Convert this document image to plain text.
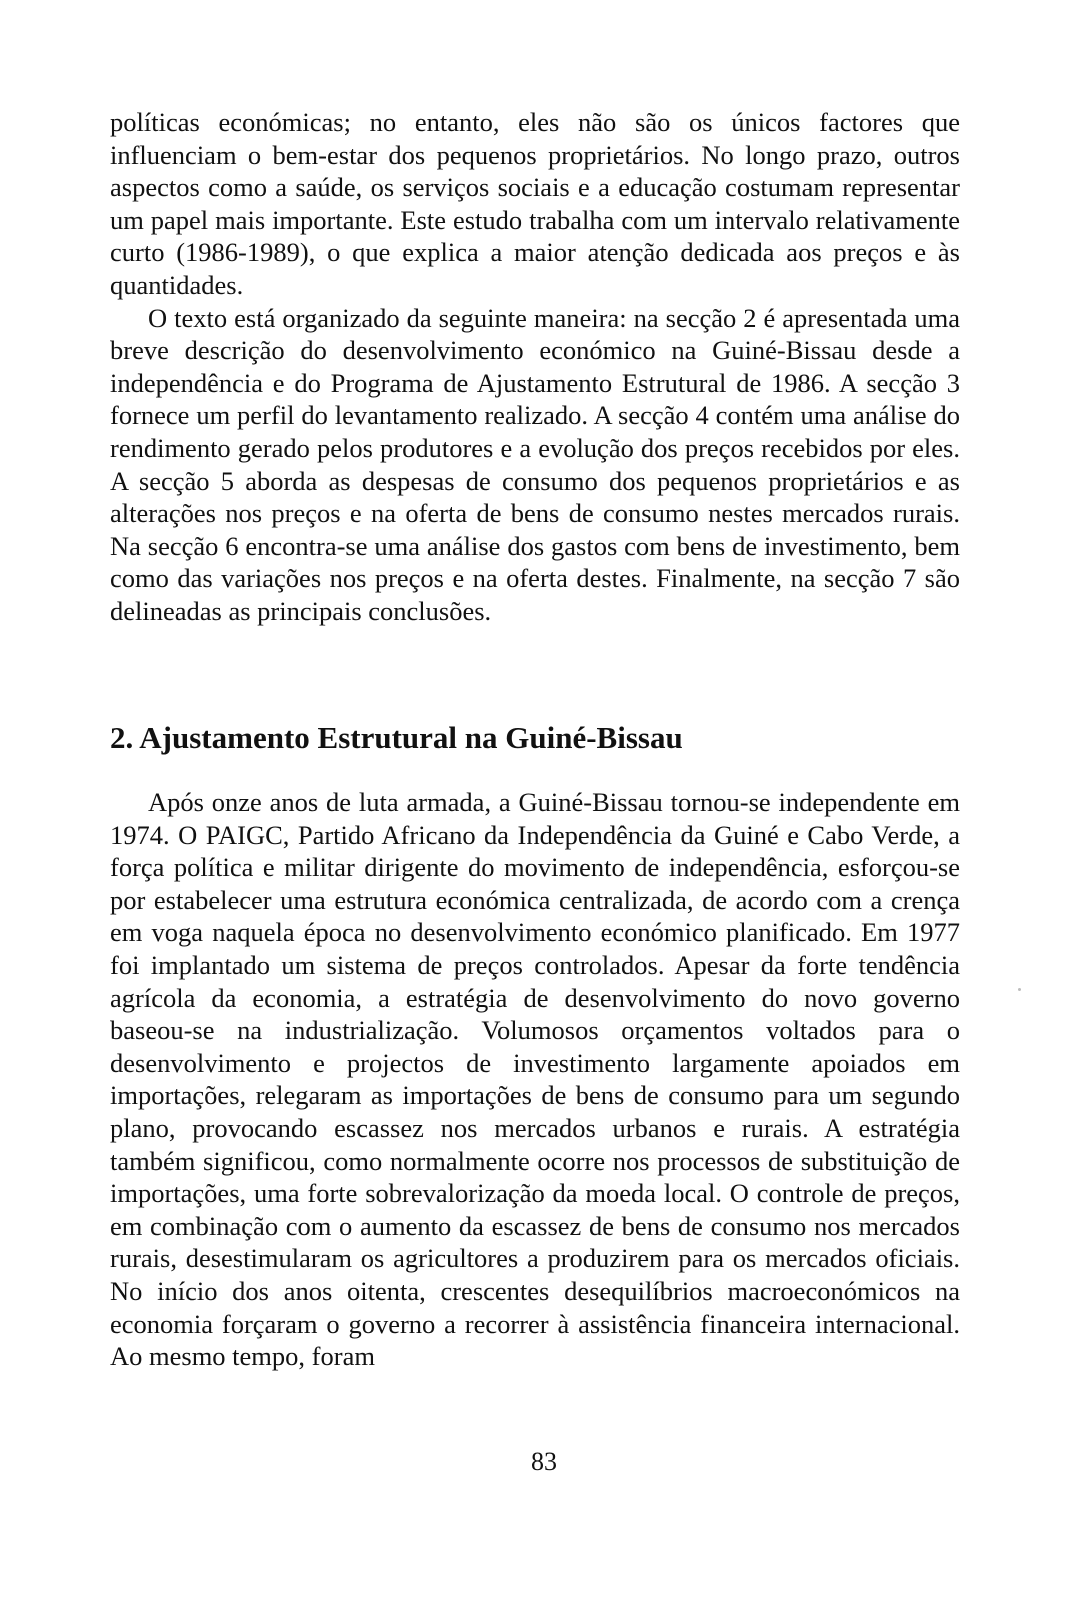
políticas económicas; no entanto, eles não são os únicos factores que influenciam o bem-estar dos pequenos proprietários. No longo prazo, outros aspectos como a saúde, os serviços sociais e a educação costumam representar um papel mais importante. Este estudo trabalha com um intervalo relativamente curto (1986-1989), o que explica a maior atenção dedicada aos preços e às quantidades.

O texto está organizado da seguinte maneira: na secção 2 é apresentada uma breve descrição do desenvolvimento económico na Guiné-Bissau desde a independência e do Programa de Ajustamento Estrutural de 1986. A secção 3 fornece um perfil do levantamento realizado. A secção 4 contém uma análise do rendimento gerado pelos produtores e a evolução dos preços recebidos por eles. A secção 5 aborda as despesas de consumo dos pequenos proprietários e as alterações nos preços e na oferta de bens de consumo nestes mercados rurais. Na secção 6 encontra-se uma análise dos gastos com bens de investimento, bem como das variações nos preços e na oferta destes. Finalmente, na secção 7 são delineadas as principais conclusões.

2. Ajustamento Estrutural na Guiné-Bissau

Após onze anos de luta armada, a Guiné-Bissau tornou-se independente em 1974. O PAIGC, Partido Africano da Independência da Guiné e Cabo Verde, a força política e militar dirigente do movimento de independência, esforçou-se por estabelecer uma estrutura económica centralizada, de acordo com a crença em voga naquela época no desenvolvimento económico planificado. Em 1977 foi implantado um sistema de preços controlados. Apesar da forte tendência agrícola da economia, a estratégia de desenvolvimento do novo governo baseou-se na industrialização. Volumosos orçamentos voltados para o desenvolvimento e projectos de investimento largamente apoiados em importações, relegaram as importações de bens de consumo para um segundo plano, provocando escassez nos mercados urbanos e rurais. A estratégia também significou, como normalmente ocorre nos processos de substituição de importações, uma forte sobrevalorização da moeda local. O controle de preços, em combinação com o aumento da escassez de bens de consumo nos mercados rurais, desestimularam os agricultores a produzirem para os mercados oficiais. No início dos anos oitenta, crescentes desequilíbrios macroeconómicos na economia forçaram o governo a recorrer à assistência financeira internacional. Ao mesmo tempo, foram

83
